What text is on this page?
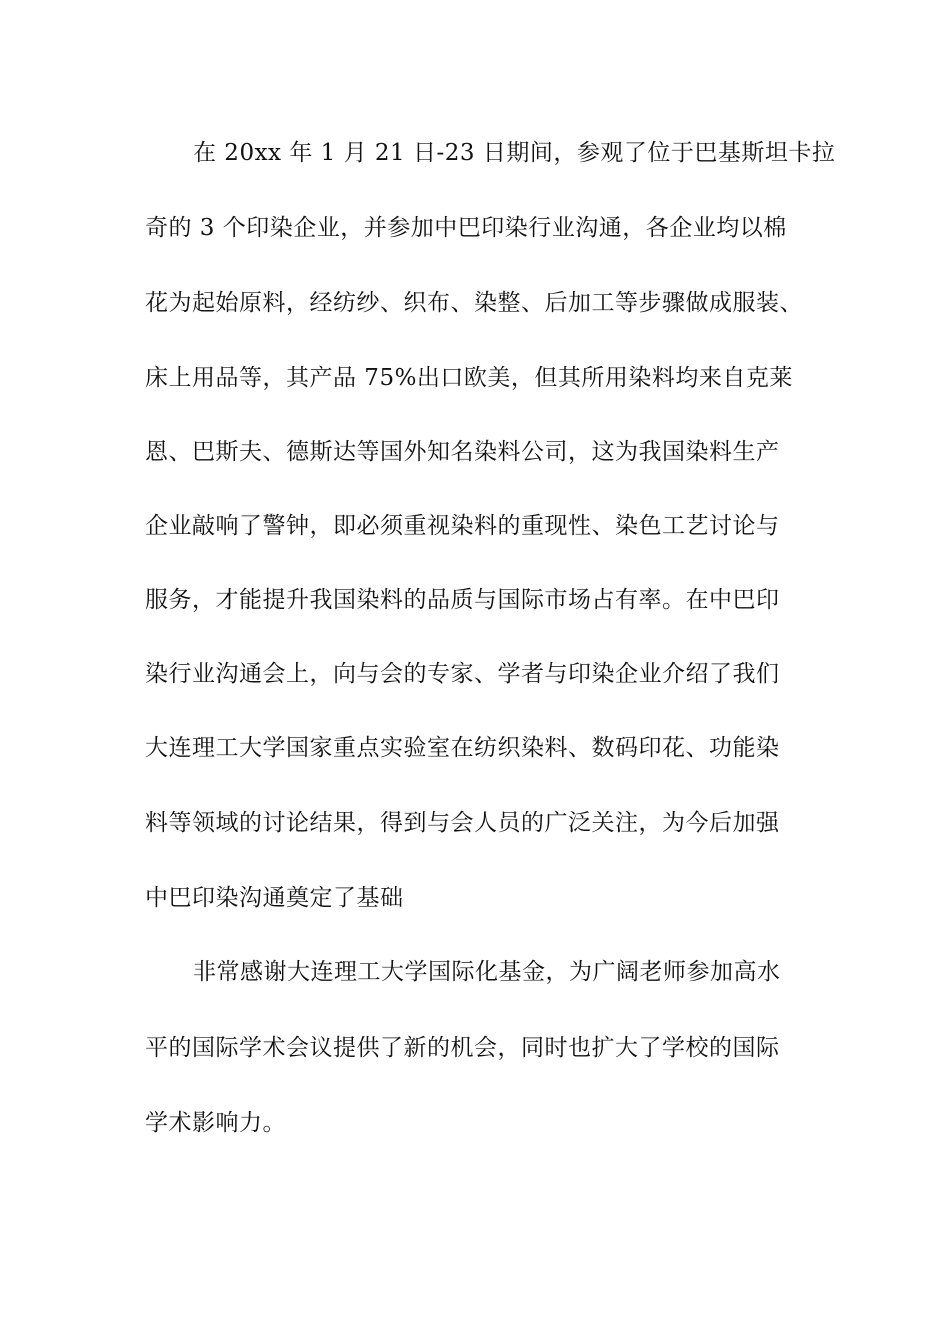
在 20xx 年 1 月 21 日-23 日期间，参观了位于巴基斯坦卡拉
奇的 3 个印染企业，并参加中巴印染行业沟通，各企业均以棉
花为起始原料，经纺纱、织布、染整、后加工等步骤做成服装、
床上用品等，其产品 75%出口欧美，但其所用染料均来自克莱
恩、巴斯夫、德斯达等国外知名染料公司，这为我国染料生产
企业敲响了警钟，即必须重视染料的重现性、染色工艺讨论与
服务，才能提升我国染料的品质与国际市场占有率。在中巴印
染行业沟通会上，向与会的专家、学者与印染企业介绍了我们
大连理工大学国家重点实验室在纺织染料、数码印花、功能染
料等领域的讨论结果，得到与会人员的广泛关注，为今后加强
中巴印染沟通奠定了基础
非常感谢大连理工大学国际化基金，为广阔老师参加高水
平的国际学术会议提供了新的机会，同时也扩大了学校的国际
学术影响力。
